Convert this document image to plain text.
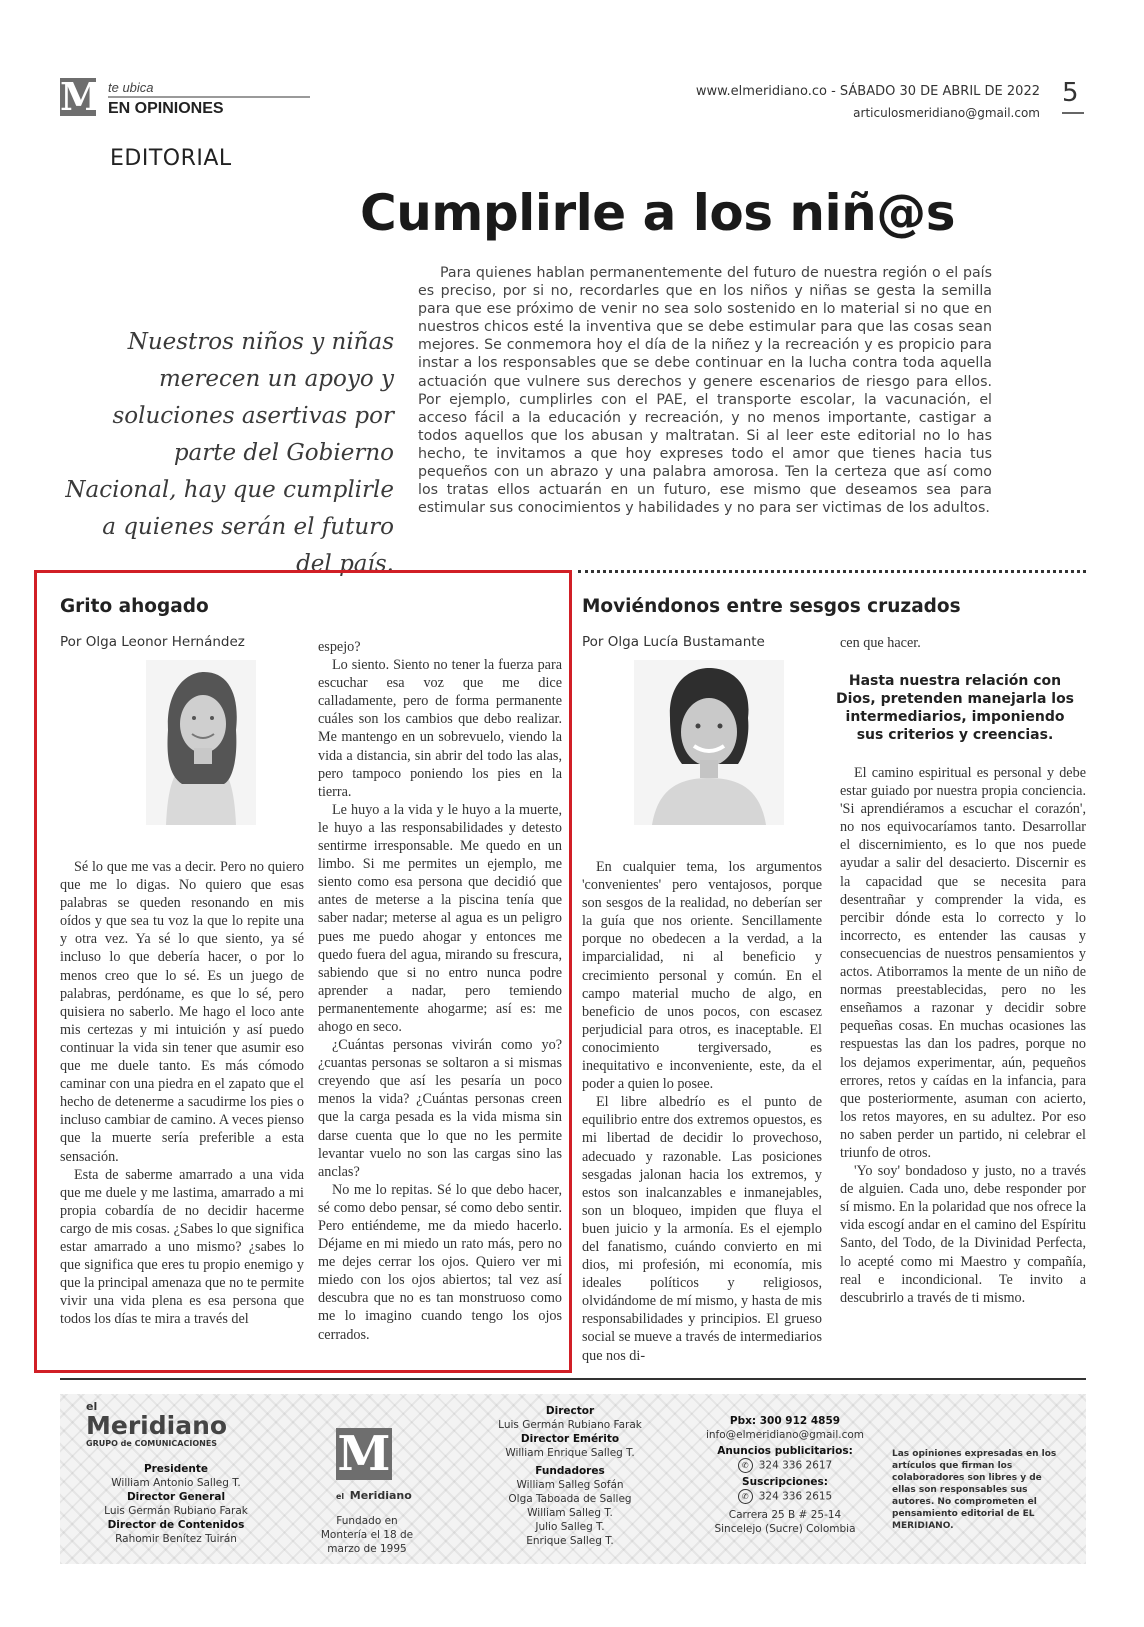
M te ubica
EN OPINIONES
www.elmeridiano.co - SÁBADO 30 DE ABRIL DE 2022
articulosmeridiano@gmail.com
5
EDITORIAL
Cumplirle a los niñ@s
Nuestros niños y niñas merecen un apoyo y soluciones asertivas por parte del Gobierno Nacional, hay que cumplirle a quienes serán el futuro del país.
Para quienes hablan permanentemente del futuro de nuestra región o el país es preciso, por si no, recordarles que en los niños y niñas se gesta la semilla para que ese próximo de venir no sea solo sostenido en lo material si no que en nuestros chicos esté la inventiva que se debe estimular para que las cosas sean mejores. Se conmemora hoy el día de la niñez y la recreación y es propicio para instar a los responsables que se debe continuar en la lucha contra toda aquella actuación que vulnere sus derechos y genere escenarios de riesgo para ellos. Por ejemplo, cumplirles con el PAE, el transporte escolar, la vacunación, el acceso fácil a la educación y recreación, y no menos importante, castigar a todos aquellos que los abusan y maltratan. Si al leer este editorial no lo has hecho, te invitamos a que hoy expreses todo el amor que tienes hacia tus pequeños con un abrazo y una palabra amorosa. Ten la certeza que así como los tratas ellos actuarán en un futuro, ese mismo que deseamos sea para estimular sus conocimientos y habilidades y no para ser victimas de los adultos.
Grito ahogado
Por Olga Leonor Hernández

Sé lo que me vas a decir. Pero no quiero que me lo digas. No quiero que esas palabras se queden resonando en mis oídos y que sea tu voz la que lo repite una y otra vez. Ya sé lo que siento, ya sé incluso lo que debería hacer, o por lo menos creo que lo sé. Es un juego de palabras, perdóname, es que lo sé, pero quisiera no saberlo. Me hago el loco ante mis certezas y mi intuición y así puedo continuar la vida sin tener que asumir eso que me duele tanto. Es más cómodo caminar con una piedra en el zapato que el hecho de detenerme a sacudirme los pies o incluso cambiar de camino. A veces pienso que la muerte sería preferible a esta sensación.

Esta de saberme amarrado a una vida que me duele y me lastima, amarrado a mi propia cobardía de no decidir hacerme cargo de mis cosas. ¿Sabes lo que significa estar amarrado a uno mismo? ¿sabes lo que significa que eres tu propio enemigo y que la principal amenaza que no te permite vivir una vida plena es esa persona que todos los días te mira a través del

espejo?

Lo siento. Siento no tener la fuerza para escuchar esa voz que me dice calladamente, pero de forma permanente cuáles son los cambios que debo realizar. Me mantengo en un sobrevuelo, viendo la vida a distancia, sin abrir del todo las alas, pero tampoco poniendo los pies en la tierra.

Le huyo a la vida y le huyo a la muerte, le huyo a las responsabilidades y detesto sentirme irresponsable. Me quedo en un limbo. Si me permites un ejemplo, me siento como esa persona que decidió que antes de meterse a la piscina tenía que saber nadar; meterse al agua es un peligro pues me puedo ahogar y entonces me quedo fuera del agua, mirando su frescura, sabiendo que si no entro nunca podre aprender a nadar, pero temiendo permanentemente ahogarme; así es: me ahogo en seco.

¿Cuántas personas vivirán como yo? ¿cuantas personas se soltaron a si mismas creyendo que así les pesaría un poco menos la vida? ¿Cuántas personas creen que la carga pesada es la vida misma sin darse cuenta que lo que no les permite levantar vuelo no son las cargas sino las anclas?

No me lo repitas. Sé lo que debo hacer, sé como debo pensar, sé como debo sentir. Pero entiéndeme, me da miedo hacerlo. Déjame en mi miedo un rato más, pero no me dejes cerrar los ojos. Quiero ver mi miedo con los ojos abiertos; tal vez así descubra que no es tan monstruoso como me lo imagino cuando tengo los ojos cerrados.

Moviéndonos entre sesgos cruzados
Por Olga Lucía Bustamante

En cualquier tema, los argumentos 'convenientes' pero ventajosos, porque son sesgos de la realidad, no deberían ser la guía que nos oriente. Sencillamente porque no obedecen a la verdad, a la imparcialidad, ni al beneficio y crecimiento personal y común. En el campo material mucho de algo, en beneficio de unos pocos, con escasez perjudicial para otros, es inaceptable. El conocimiento tergiversado, es inequitativo e inconveniente, este, da el poder a quien lo posee.

El libre albedrío es el punto de equilibrio entre dos extremos opuestos, es mi libertad de decidir lo provechoso, adecuado y razonable. Las posiciones sesgadas jalonan hacia los extremos, y estos son inalcanzables e inmanejables, son un bloqueo, impiden que fluya el buen juicio y la armonía. Es el ejemplo del fanatismo, cuándo convierto en mi dios, mi profesión, mi economía, mis ideales políticos y religiosos, olvidándome de mí mismo, y hasta de mis responsabilidades y principios. El grueso social se mueve a través de intermediarios que nos di-

cen que hacer.

Hasta nuestra relación con Dios, pretenden manejarla los intermediarios, imponiendo sus criterios y creencias.

El camino espiritual es personal y debe estar guiado por nuestra propia conciencia. 'Si aprendiéramos a escuchar el corazón', no nos equivocaríamos tanto. Desarrollar el discernimiento, es lo que nos puede ayudar a salir del desacierto. Discernir es la capacidad que se necesita para desentrañar y comprender la vida, es percibir dónde esta lo correcto y lo incorrecto, es entender las causas y consecuencias de nuestros pensamientos y actos. Atiborramos la mente de un niño de normas preestablecidas, pero no les enseñamos a razonar y decidir sobre pequeñas cosas. En muchas ocasiones las respuestas las dan los padres, porque no los dejamos experimentar, aún, pequeños errores, retos y caídas en la infancia, para que posteriormente, asuman con acierto, los retos mayores, en su adultez. Por eso no saben perder un partido, ni celebrar el triunfo de otros.

'Yo soy' bondadoso y justo, no a través de alguien. Cada uno, debe responder por sí mismo. En la polaridad que nos ofrece la vida escogí andar en el camino del Espíritu Santo, del Todo, de la Divinidad Perfecta, lo acepté como mi Maestro y compañía, real e incondicional. Te invito a descubrirlo a través de ti mismo.

el
Meridiano
GRUPO de COMUNICACIONES
Presidente
William Antonio Salleg T.
Director General
Luis Germán Rubiano Farak
Director de Contenidos
Rahomir Benítez Tuirán
M
el Meridiano
Fundado en Montería el 18 de marzo de 1995
Director
Luis Germán Rubiano Farak
Director Emérito
William Enrique Salleg T.
Fundadores
William Salleg Sofán
Olga Taboada de Salleg
William Salleg T.
Julio Salleg T.
Enrique Salleg T.
Pbx: 300 912 4859
info@elmeridiano@gmail.com
Anuncios publicitarios:
✆ 324 336 2617
Suscripciones:
✆ 324 336 2615
Carrera 25 B # 25-14
Sincelejo (Sucre) Colombia
Las opiniones expresadas en los artículos que firman los colaboradores son libres y de ellas son responsables sus autores. No comprometen el pensamiento editorial de EL MERIDIANO.
